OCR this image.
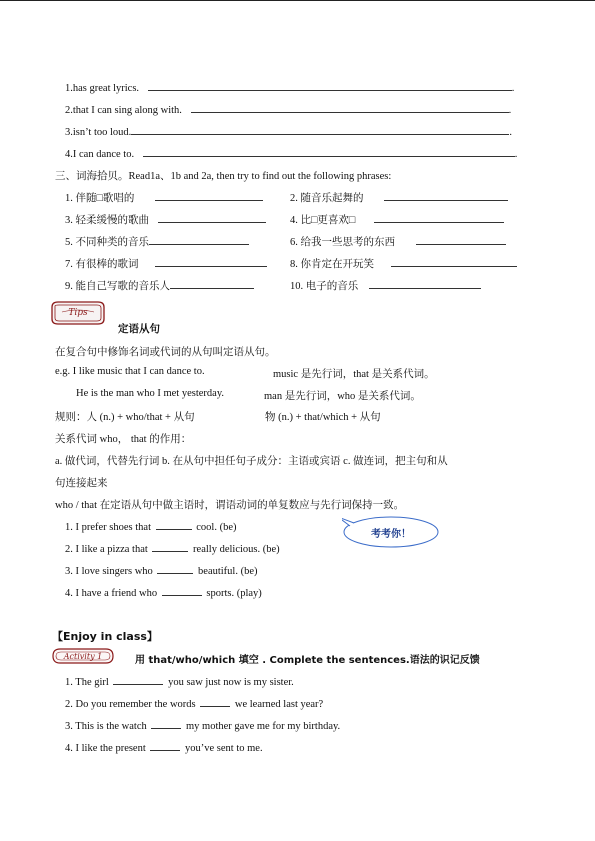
1.has great lyrics.	.
2.that I can sing along with.	.
3.isn’t too loud.	.
4.I can dance to.	.
三、词海拾贝。Read1a、1b and 2a, then try to find out the following phrases:
1. 伴随□歌唱的	2. 随音乐起舞的
3. 轻柔缓慢的歌曲	4. 比□更喜欢□
5. 不同种类的音乐	6. 给我一些思考的东西
7. 有很棒的歌词	8. 你肯定在开玩笑
9. 能自己写歌的音乐人	10. 电子的音乐
Tips
定语从句
在复合句中修饰名词或代词的从句叫定语从句。
e.g. I like music that I can dance to.	music 是先行词，that 是关系代词。
He is the man who I met yesterday.	man 是先行词，who 是关系代词。
规则：人 (n.) + who/that + 从句	物 (n.) + that/which + 从句
关系代词 who， that 的作用：
a. 做代词，代替先行词 b. 在从句中担任句子成分：主语或宾语 c. 做连词，把主句和从
句连接起来
who / that 在定语从句中做主语时，谓语动词的单复数应与先行词保持一致。
1. I prefer shoes that	cool. (be)
2. I like a pizza that	really delicious. (be)
3. I love singers who	beautiful. (be)
4. I have a friend who	sports. (play)
考考你！
【Enjoy in class】
Activity 1	用 that/who/which 填空 . Complete the sentences.语法的识记反馈
1. The girl	you saw just now is my sister.
2. Do you remember the words	we learned last year?
3. This is the watch	my mother gave me for my birthday.
4. I like the present	you’ve sent to me.
